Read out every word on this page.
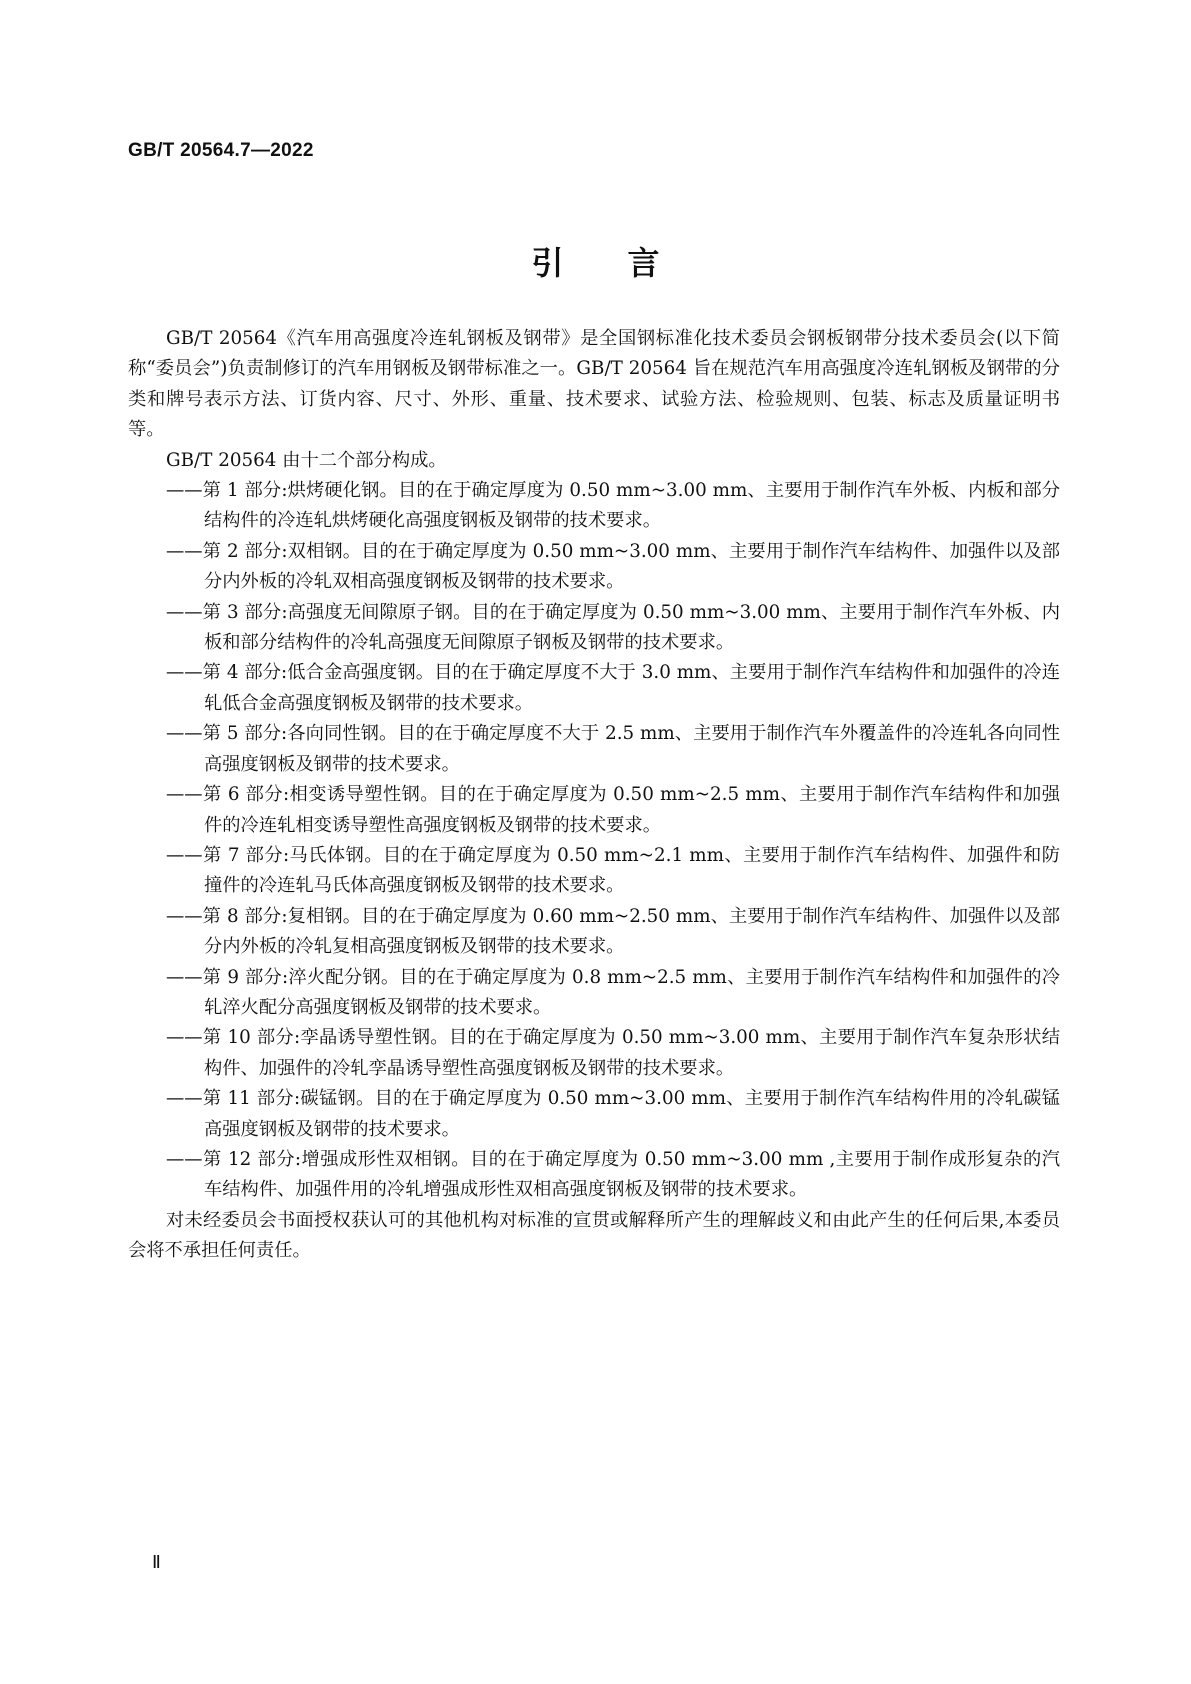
GB/T 20564.7—2022
引 言

GB/T 20564《汽车用高强度冷连轧钢板及钢带》是全国钢标准化技术委员会钢板钢带分技术委员会(以下简称“委员会”)负责制修订的汽车用钢板及钢带标准之一。GB/T 20564 旨在规范汽车用高强度冷连轧钢板及钢带的分类和牌号表示方法、订货内容、尺寸、外形、重量、技术要求、试验方法、检验规则、包装、标志及质量证明书等。

GB/T 20564 由十二个部分构成。

——第 1 部分:烘烤硬化钢。目的在于确定厚度为 0.50 mm~3.00 mm、主要用于制作汽车外板、内板和部分结构件的冷连轧烘烤硬化高强度钢板及钢带的技术要求。

——第 2 部分:双相钢。目的在于确定厚度为 0.50 mm~3.00 mm、主要用于制作汽车结构件、加强件以及部分内外板的冷轧双相高强度钢板及钢带的技术要求。

——第 3 部分:高强度无间隙原子钢。目的在于确定厚度为 0.50 mm~3.00 mm、主要用于制作汽车外板、内板和部分结构件的冷轧高强度无间隙原子钢板及钢带的技术要求。

——第 4 部分:低合金高强度钢。目的在于确定厚度不大于 3.0 mm、主要用于制作汽车结构件和加强件的冷连轧低合金高强度钢板及钢带的技术要求。

——第 5 部分:各向同性钢。目的在于确定厚度不大于 2.5 mm、主要用于制作汽车外覆盖件的冷连轧各向同性高强度钢板及钢带的技术要求。

——第 6 部分:相变诱导塑性钢。目的在于确定厚度为 0.50 mm~2.5 mm、主要用于制作汽车结构件和加强件的冷连轧相变诱导塑性高强度钢板及钢带的技术要求。

——第 7 部分:马氏体钢。目的在于确定厚度为 0.50 mm~2.1 mm、主要用于制作汽车结构件、加强件和防撞件的冷连轧马氏体高强度钢板及钢带的技术要求。

——第 8 部分:复相钢。目的在于确定厚度为 0.60 mm~2.50 mm、主要用于制作汽车结构件、加强件以及部分内外板的冷轧复相高强度钢板及钢带的技术要求。

——第 9 部分:淬火配分钢。目的在于确定厚度为 0.8 mm~2.5 mm、主要用于制作汽车结构件和加强件的冷轧淬火配分高强度钢板及钢带的技术要求。

——第 10 部分:孪晶诱导塑性钢。目的在于确定厚度为 0.50 mm~3.00 mm、主要用于制作汽车复杂形状结构件、加强件的冷轧孪晶诱导塑性高强度钢板及钢带的技术要求。

——第 11 部分:碳锰钢。目的在于确定厚度为 0.50 mm~3.00 mm、主要用于制作汽车结构件用的冷轧碳锰高强度钢板及钢带的技术要求。

——第 12 部分:增强成形性双相钢。目的在于确定厚度为 0.50 mm~3.00 mm ,主要用于制作成形复杂的汽车结构件、加强件用的冷轧增强成形性双相高强度钢板及钢带的技术要求。

对未经委员会书面授权获认可的其他机构对标准的宣贯或解释所产生的理解歧义和由此产生的任何后果,本委员会将不承担任何责任。

Ⅱ
